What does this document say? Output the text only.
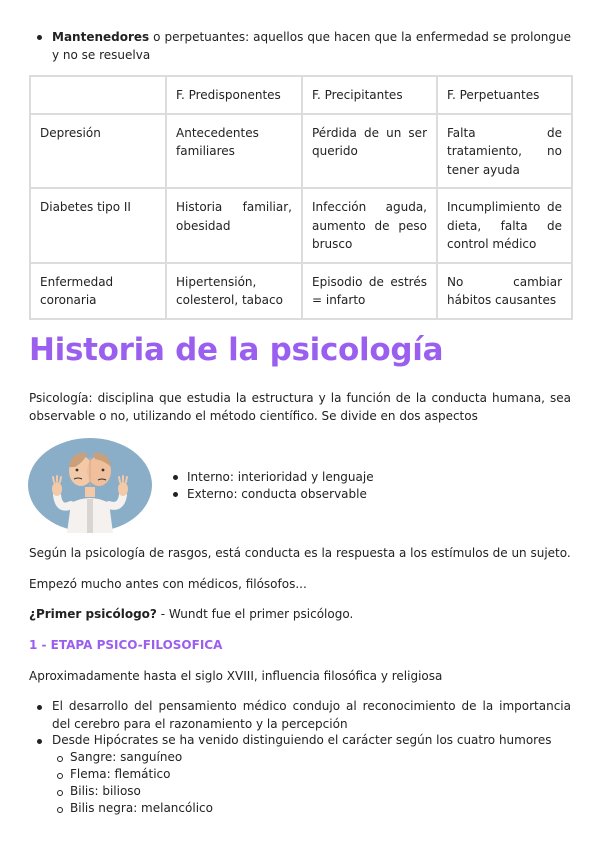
Mantenedores o perpetuantes: aquellos que hacen que la enfermedad se prolongue y no se resuelva
	F. Predisponentes	F. Precipitantes	F. Perpetuantes
Depresión	Antecedentes familiares	Pérdida de un ser querido	Falta de tratamiento, no tener ayuda
Diabetes tipo II	Historia familiar, obesidad	Infección aguda, aumento de peso brusco	Incumplimiento de dieta, falta de control médico
Enfermedad coronaria	Hipertensión, colesterol, tabaco	Episodio de estrés = infarto	No cambiar hábitos causantes
Historia de la psicología
Psicología: disciplina que estudia la estructura y la función de la conducta humana, sea observable o no, utilizando el método científico. Se divide en dos aspectos
Interno: interioridad y lenguaje
Externo: conducta observable
Según la psicología de rasgos, está conducta es la respuesta a los estímulos de un sujeto.
Empezó mucho antes con médicos, filósofos...
¿Primer psicólogo? - Wundt fue el primer psicólogo.
1 - ETAPA PSICO-FILOSOFICA
Aproximadamente hasta el siglo XVIII, influencia filosófica y religiosa
El desarrollo del pensamiento médico condujo al reconocimiento de la importancia del cerebro para el razonamiento y la percepción
Desde Hipócrates se ha venido distinguiendo el carácter según los cuatro humores
Sangre: sanguíneo
Flema: flemático
Bilis: bilioso
Bilis negra: melancólico
